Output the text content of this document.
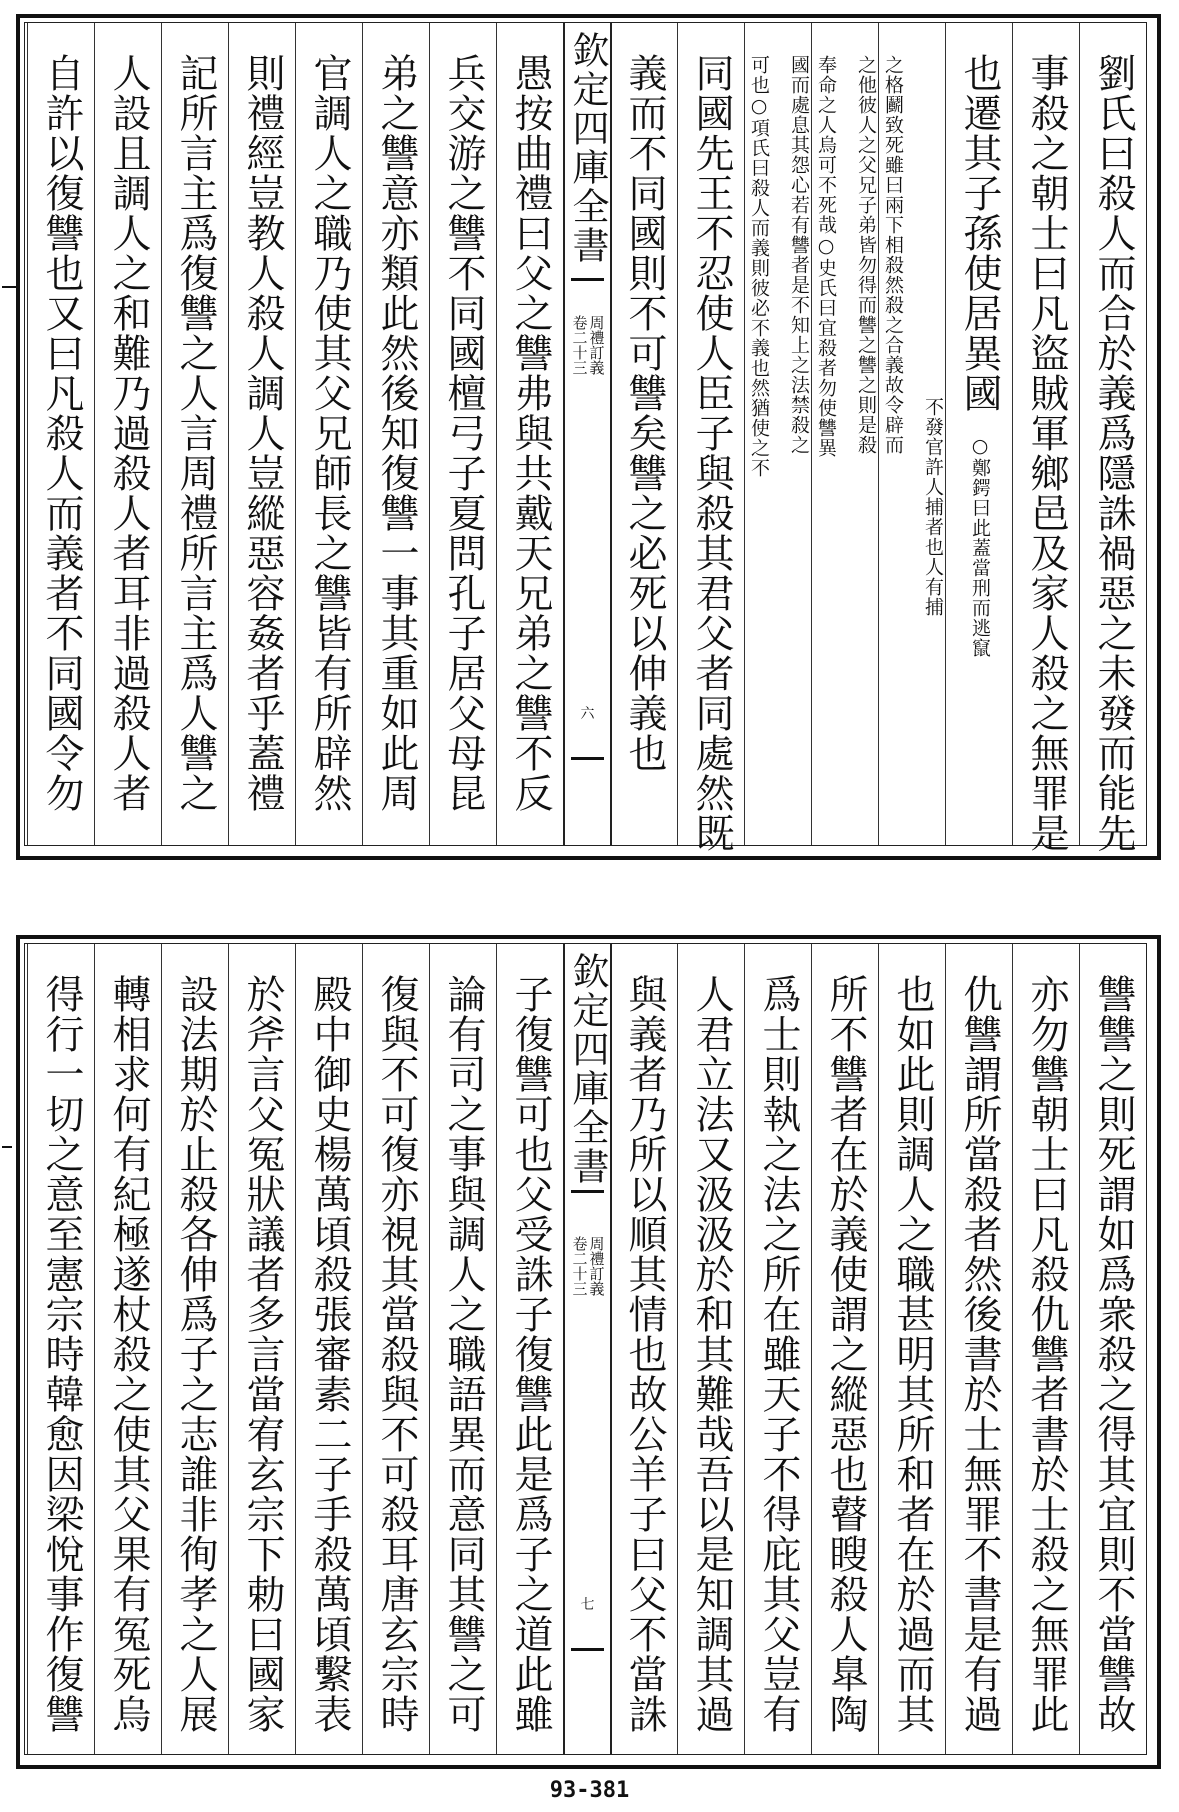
劉氏曰殺人而合於義爲隱誅禍惡之未發而能先
事殺之朝士曰凡盜賊軍鄉邑及家人殺之無罪是
也遷其子孫使居異國
○鄭鍔曰此蓋當刑而逃竄
不發官許人捕者也人有捕
之格鬬致死雖曰兩下相殺然殺之合義故令辟而
之他彼人之父兄子弟皆勿得而讐之讐之則是殺
奉命之人烏可不死哉○史氏曰宜殺者勿使讐異
國而處息其怨心若有讐者是不知上之法禁殺之
可也○項氏曰殺人而義則彼必不義也然猶使之不
同國先王不忍使人臣子與殺其君父者同處然既
義而不同國則不可讐矣讐之必死以伸義也
欽定四庫全書
周禮訂義
卷二十三
六
愚按曲禮曰父之讐弗與共戴天兄弟之讐不反
兵交游之讐不同國檀弓子夏問孔子居父母昆
弟之讐意亦類此然後知復讐一事其重如此周
官調人之職乃使其父兄師長之讐皆有所辟然
則禮經豈教人殺人調人豈縱惡容姦者乎蓋禮
記所言主爲復讐之人言周禮所言主爲人讐之
人設且調人之和難乃過殺人者耳非過殺人者
自許以復讐也又曰凡殺人而義者不同國令勿
讐讐之則死謂如爲衆殺之得其宜則不當讐故
亦勿讐朝士曰凡殺仇讐者書於士殺之無罪此
仇讐謂所當殺者然後書於士無罪不書是有過
也如此則調人之職甚明其所和者在於過而其
所不讐者在於義使謂之縱惡也瞽瞍殺人臯陶
爲士則執之法之所在雖天子不得庇其父豈有
人君立法又汲汲於和其難哉吾以是知調其過
與義者乃所以順其情也故公羊子曰父不當誅
欽定四庫全書
周禮訂義
卷二十三
七
子復讐可也父受誅子復讐此是爲子之道此雖
論有司之事與調人之職語異而意同其讐之可
復與不可復亦視其當殺與不可殺耳唐玄宗時
殿中御史楊萬頃殺張審素二子手殺萬頃繫表
於斧言父冤狀議者多言當宥玄宗下勅曰國家
設法期於止殺各伸爲子之志誰非徇孝之人展
轉相求何有紀極遂杖殺之使其父果有冤死烏
得行一切之意至憲宗時韓愈因梁悅事作復讐
93-381
